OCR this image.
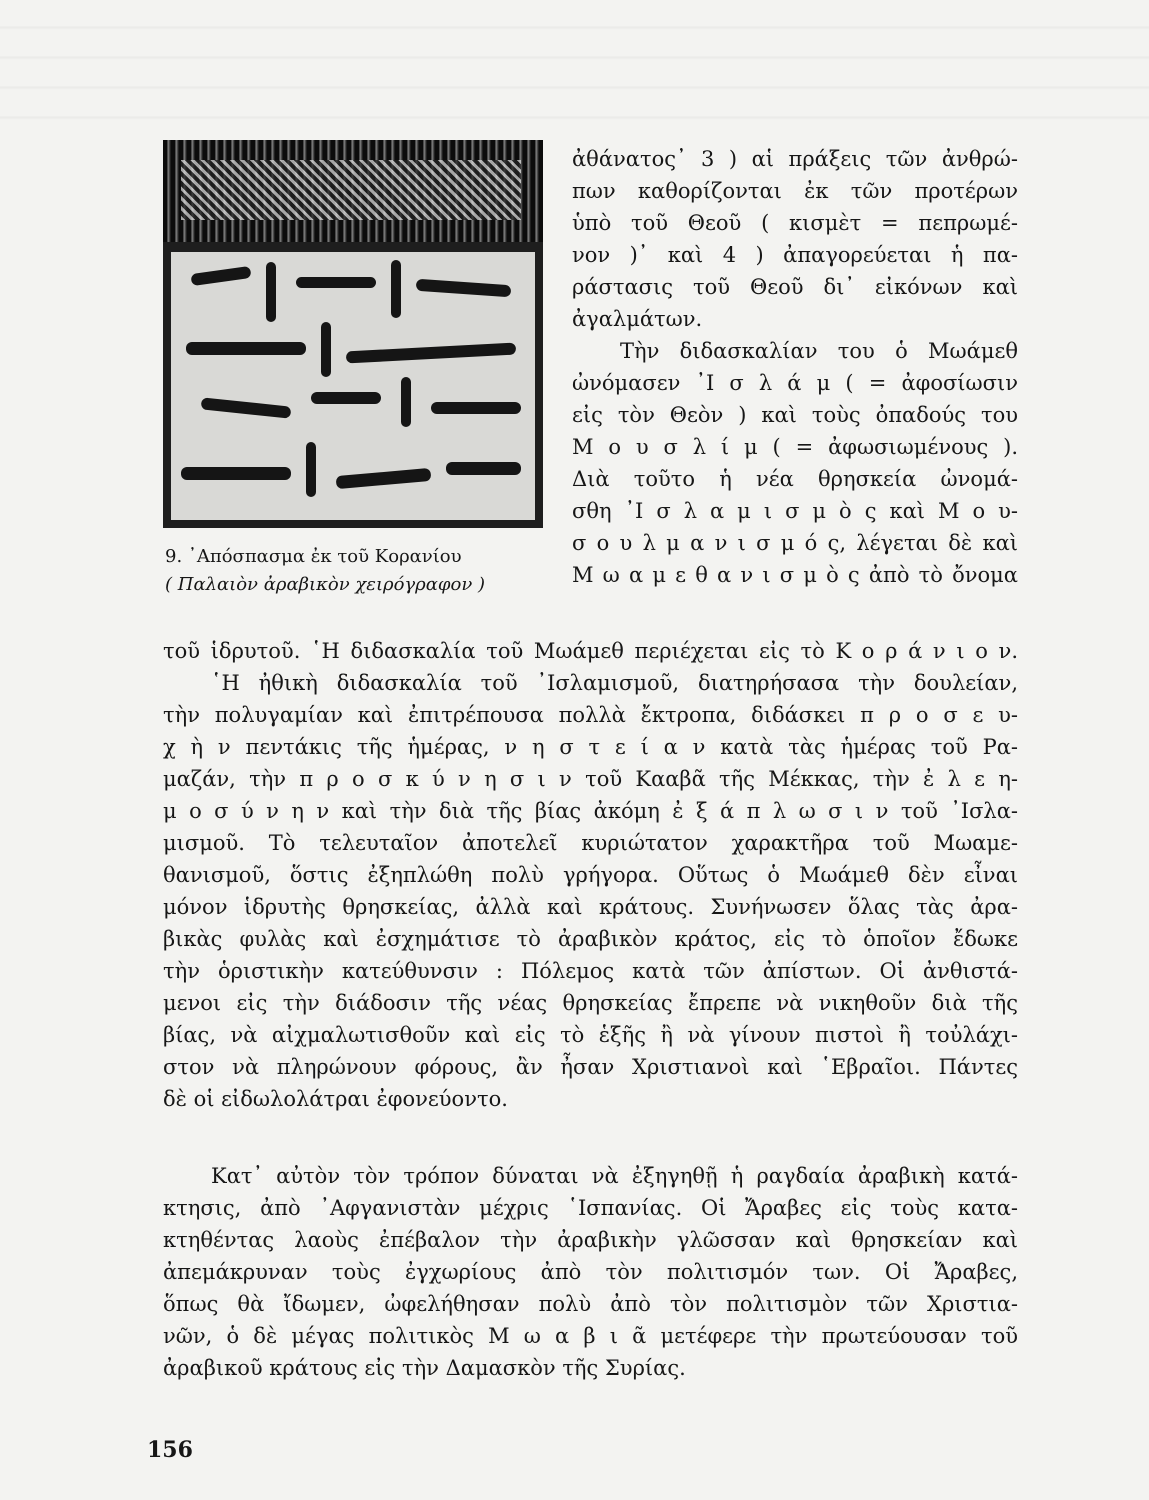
9. ᾿Απόσπασμα ἐκ τοῦ Κορανίου
( Παλαιὸν ἀραβικὸν χειρόγραφον )
ἀθάνατος᾿ 3 ) αἱ πράξεις τῶν ἀνθρώ-
πων καθορίζονται ἐκ τῶν προτέρων
ὑπὸ τοῦ Θεοῦ ( κισμὲτ = πεπρωμέ-
νον )᾿ καὶ 4 ) ἀπαγορεύεται ἡ πα-
ράστασις τοῦ Θεοῦ δι᾿ εἰκόνων καὶ
ἀγαλμάτων.
Τὴν διδασκαλίαν του ὁ Μωάμεθ
ὠνόμασεν ᾿Ι σ λ ά μ ( = ἀφοσίωσιν
εἰς τὸν Θεὸν ) καὶ τοὺς ὀπαδούς του
Μ ο υ σ λ ί μ ( = ἀφωσιωμένους ).
Διὰ τοῦτο ἡ νέα θρησκεία ὠνομά-
σθη ᾿Ι σ λ α μ ι σ μ ὸ ς καὶ Μ ο υ-
σ ο υ λ μ α ν ι σ μ ό ς, λέγεται δὲ καὶ
Μ ω α μ ε θ α ν ι σ μ ὸ ς ἀπὸ τὸ ὄνομα
τοῦ ἱδρυτοῦ. ῾Η διδασκαλία τοῦ Μωάμεθ περιέχεται εἰς τὸ Κ ο ρ ά ν ι ο ν.
῾Η ἠθικὴ διδασκαλία τοῦ ᾿Ισλαμισμοῦ, διατηρήσασα τὴν δουλείαν,
τὴν πολυγαμίαν καὶ ἐπιτρέπουσα πολλὰ ἔκτροπα, διδάσκει π ρ ο σ ε υ-
χ ὴ ν πεντάκις τῆς ἡμέρας, ν η σ τ ε ί α ν κατὰ τὰς ἡμέρας τοῦ Ρα-
μαζάν, τὴν π ρ ο σ κ ύ ν η σ ι ν τοῦ Κααβᾶ τῆς Μέκκας, τὴν ἐ λ ε η-
μ ο σ ύ ν η ν καὶ τὴν διὰ τῆς βίας ἀκόμη ἐ ξ ά π λ ω σ ι ν τοῦ ᾿Ισλα-
μισμοῦ. Τὸ τελευταῖον ἀποτελεῖ κυριώτατον χαρακτῆρα τοῦ Μωαμε-
θανισμοῦ, ὅστις ἐξηπλώθη πολὺ γρήγορα. Οὕτως ὁ Μωάμεθ δὲν εἶναι
μόνον ἱδρυτὴς θρησκείας, ἀλλὰ καὶ κράτους. Συνήνωσεν ὅλας τὰς ἀρα-
βικὰς φυλὰς καὶ ἐσχημάτισε τὸ ἀραβικὸν κράτος, εἰς τὸ ὁποῖον ἔδωκε
τὴν ὁριστικὴν κατεύθυνσιν : Πόλεμος κατὰ τῶν ἀπίστων. Οἱ ἀνθιστά-
μενοι εἰς τὴν διάδοσιν τῆς νέας θρησκείας ἔπρεπε νὰ νικηθοῦν διὰ τῆς
βίας, νὰ αἰχμαλωτισθοῦν καὶ εἰς τὸ ἑξῆς ἢ νὰ γίνουν πιστοὶ ἢ τοὐλάχι-
στον νὰ πληρώνουν φόρους, ἂν ἦσαν Χριστιανοὶ καὶ ῾Εβραῖοι. Πάντες
δὲ οἱ εἰδωλολάτραι ἐφονεύοντο.
Κατ᾿ αὐτὸν τὸν τρόπον δύναται νὰ ἐξηγηθῇ ἡ ραγδαία ἀραβικὴ κατά-
κτησις, ἀπὸ ᾿Αφγανιστὰν μέχρις ῾Ισπανίας. Οἱ Ἄραβες εἰς τοὺς κατα-
κτηθέντας λαοὺς ἐπέβαλον τὴν ἀραβικὴν γλῶσσαν καὶ θρησκείαν καὶ
ἀπεμάκρυναν τοὺς ἐγχωρίους ἀπὸ τὸν πολιτισμόν των. Οἱ Ἄραβες,
ὅπως θὰ ἴδωμεν, ὠφελήθησαν πολὺ ἀπὸ τὸν πολιτισμὸν τῶν Χριστια-
νῶν, ὁ δὲ μέγας πολιτικὸς Μ ω α β ι ᾶ μετέφερε τὴν πρωτεύουσαν τοῦ
ἀραβικοῦ κράτους εἰς τὴν Δαμασκὸν τῆς Συρίας.
156
